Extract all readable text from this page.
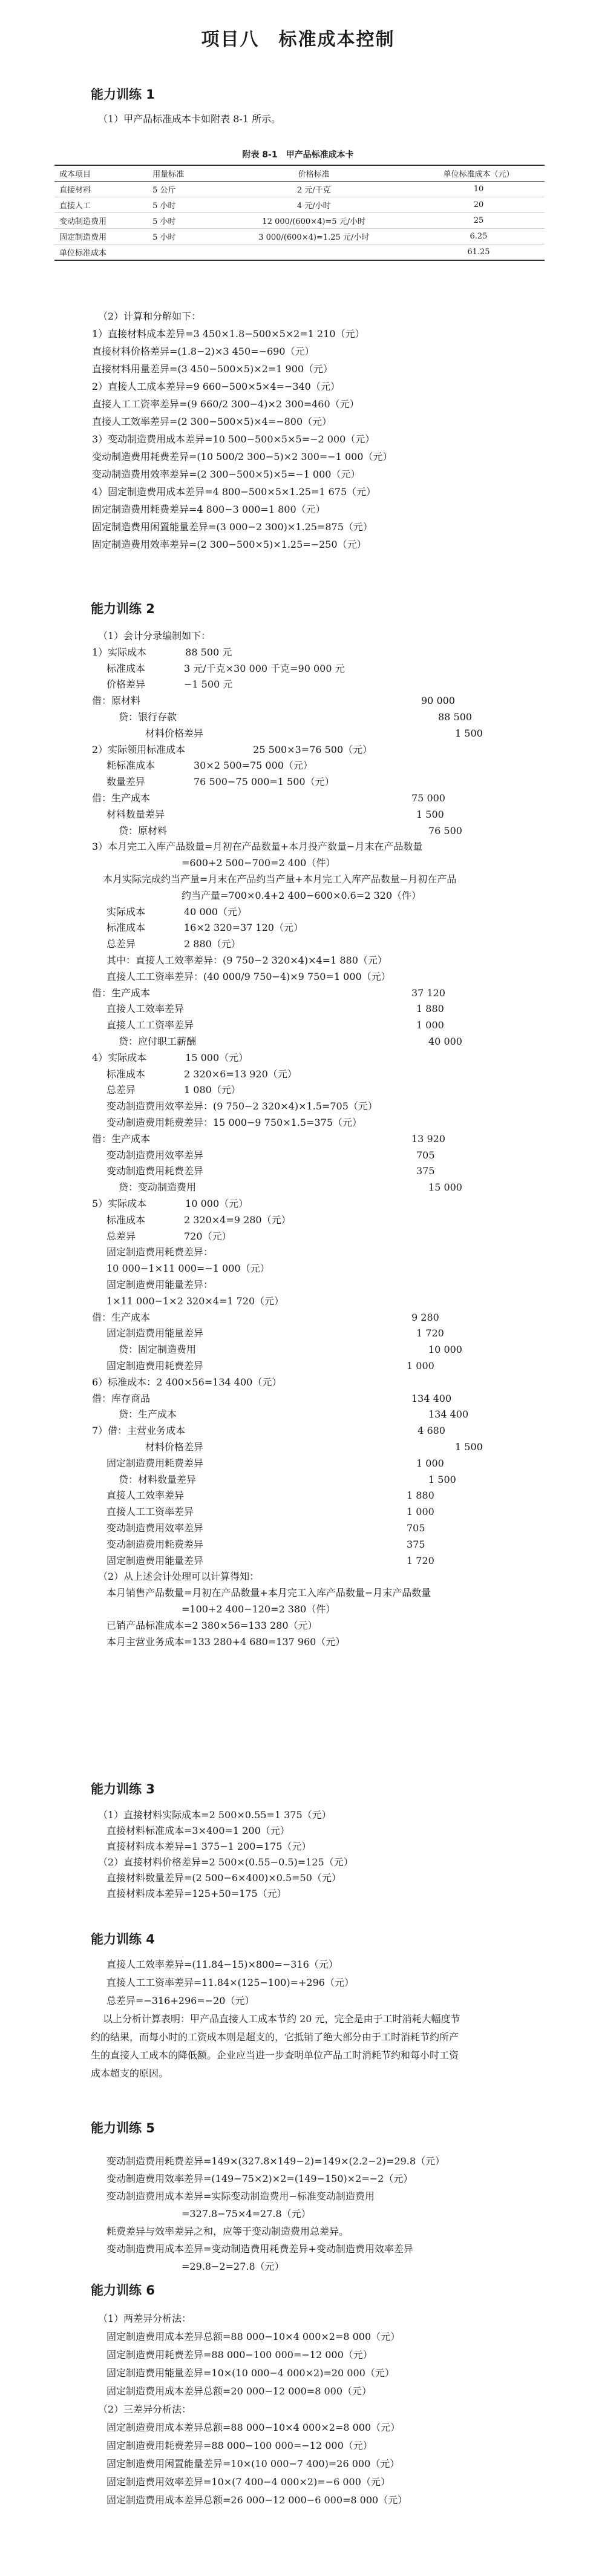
项目八　标准成本控制
能力训练 1
（1）甲产品标准成本卡如附表 8-1 所示。
附表 8-1　甲产品标准成本卡
成本项目	用量标准	价格标准	单位标准成本（元）
直接材料	5 公斤	2 元/千克	10
直接人工	5 小时	4 元/小时	20
变动制造费用	5 小时	12 000/(600×4)=5 元/小时	25
固定制造费用	5 小时	3 000/(600×4)=1.25 元/小时	6.25
单位标准成本			61.25
（2）计算和分解如下：
1）直接材料成本差异=3 450×1.8−500×5×2=1 210（元）
直接材料价格差异=(1.8−2)×3 450=−690（元）
直接材料用量差异=(3 450−500×5)×2=1 900（元）
2）直接人工成本差异=9 660−500×5×4=−340（元）
直接人工工资率差异=(9 660/2 300−4)×2 300=460（元）
直接人工效率差异=(2 300−500×5)×4=−800（元）
3）变动制造费用成本差异=10 500−500×5×5=−2 000（元）
变动制造费用耗费差异=(10 500/2 300−5)×2 300=−1 000（元）
变动制造费用效率差异=(2 300−500×5)×5=−1 000（元）
4）固定制造费用成本差异=4 800−500×5×1.25=1 675（元）
固定制造费用耗费差异=4 800−3 000=1 800（元）
固定制造费用闲置能量差异=(3 000−2 300)×1.25=875（元）
固定制造费用效率差异=(2 300−500×5)×1.25=−250（元）
能力训练 2
（1）会计分录编制如下：
1）实际成本　　　　88 500 元
标准成本　　　　3 元/千克×30 000 千克=90 000 元
价格差异　　　　−1 500 元
借：原材料　　　　　　　　　　　　　　　　　　　　　　　　　　　　　90 000
贷：银行存款　　　　　　　　　　　　　　　　　　　　　　　　　　　88 500
材料价格差异　　　　　　　　　　　　　　　　　　　　　　　　　　1 500
2）实际领用标准成本　　　　　　　25 500×3=76 500（元）
耗标准成本　　　　30×2 500=75 000（元）
数量差异　　　　　76 500−75 000=1 500（元）
借：生产成本　　　　　　　　　　　　　　　　　　　　　　　　　　　75 000
材料数量差异　　　　　　　　　　　　　　　　　　　　　　　　　　1 500
贷：原材料　　　　　　　　　　　　　　　　　　　　　　　　　　　76 500
3）本月完工入库产品数量=月初在产品数量+本月投产数量−月末在产品数量
=600+2 500−700=2 400（件）
本月实际完成约当产量=月末在产品约当产量+本月完工入库产品数量−月初在产品
约当产量=700×0.4+2 400−600×0.6=2 320（件）
实际成本　　　　40 000（元）
标准成本　　　　16×2 320=37 120（元）
总差异　　　　　2 880（元）
其中：直接人工效率差异：(9 750−2 320×4)×4=1 880（元）
直接人工工资率差异：(40 000/9 750−4)×9 750=1 000（元）
借：生产成本　　　　　　　　　　　　　　　　　　　　　　　　　　　37 120
直接人工效率差异　　　　　　　　　　　　　　　　　　　　　　　　1 880
直接人工工资率差异　　　　　　　　　　　　　　　　　　　　　　　1 000
贷：应付职工薪酬　　　　　　　　　　　　　　　　　　　　　　　　40 000
4）实际成本　　　　15 000（元）
标准成本　　　　2 320×6=13 920（元）
总差异　　　　　1 080（元）
变动制造费用效率差异：(9 750−2 320×4)×1.5=705（元）
变动制造费用耗费差异：15 000−9 750×1.5=375（元）
借：生产成本　　　　　　　　　　　　　　　　　　　　　　　　　　　13 920
变动制造费用效率差异　　　　　　　　　　　　　　　　　　　　　　705
变动制造费用耗费差异　　　　　　　　　　　　　　　　　　　　　　375
贷：变动制造费用　　　　　　　　　　　　　　　　　　　　　　　　15 000
5）实际成本　　　　10 000（元）
标准成本　　　　2 320×4=9 280（元）
总差异　　　　　720（元）
固定制造费用耗费差异：
10 000−1×11 000=−1 000（元）
固定制造费用能量差异：
1×11 000−1×2 320×4=1 720（元）
借：生产成本　　　　　　　　　　　　　　　　　　　　　　　　　　　9 280
固定制造费用能量差异　　　　　　　　　　　　　　　　　　　　　　1 720
贷：固定制造费用　　　　　　　　　　　　　　　　　　　　　　　　10 000
固定制造费用耗费差异　　　　　　　　　　　　　　　　　　　　　1 000
6）标准成本：2 400×56=134 400（元）
借：库存商品　　　　　　　　　　　　　　　　　　　　　　　　　　　134 400
贷：生产成本　　　　　　　　　　　　　　　　　　　　　　　　　　134 400
7）借：主营业务成本　　　　　　　　　　　　　　　　　　　　　　　　4 680
材料价格差异　　　　　　　　　　　　　　　　　　　　　　　　　　1 500
固定制造费用耗费差异　　　　　　　　　　　　　　　　　　　　　　1 000
贷：材料数量差异　　　　　　　　　　　　　　　　　　　　　　　　1 500
直接人工效率差异　　　　　　　　　　　　　　　　　　　　　　　1 880
直接人工工资率差异　　　　　　　　　　　　　　　　　　　　　　1 000
变动制造费用效率差异　　　　　　　　　　　　　　　　　　　　　705
变动制造费用耗费差异　　　　　　　　　　　　　　　　　　　　　375
固定制造费用能量差异　　　　　　　　　　　　　　　　　　　　　1 720
（2）从上述会计处理可以计算得知：
本月销售产品数量=月初在产品数量+本月完工入库产品数量−月末产品数量
=100+2 400−120=2 380（件）
已销产品标准成本=2 380×56=133 280（元）
本月主营业务成本=133 280+4 680=137 960（元）
能力训练 3
（1）直接材料实际成本=2 500×0.55=1 375（元）
直接材料标准成本=3×400=1 200（元）
直接材料成本差异=1 375−1 200=175（元）
（2）直接材料价格差异=2 500×(0.55−0.5)=125（元）
直接材料数量差异=(2 500−6×400)×0.5=50（元）
直接材料成本差异=125+50=175（元）
能力训练 4
直接人工效率差异=(11.84−15)×800=−316（元）
直接人工工资率差异=11.84×(125−100)=+296（元）
总差异=−316+296=−20（元）
以上分析计算表明：甲产品直接人工成本节约 20 元，完全是由于工时消耗大幅度节
约的结果，而每小时的工资成本则是超支的，它抵销了绝大部分由于工时消耗节约所产
生的直接人工成本的降低额。企业应当进一步查明单位产品工时消耗节约和每小时工资
成本超支的原因。
能力训练 5
变动制造费用耗费差异=149×(327.8×149−2)=149×(2.2−2)=29.8（元）
变动制造费用效率差异=(149−75×2)×2=(149−150)×2=−2（元）
变动制造费用成本差异=实际变动制造费用−标准变动制造费用
=327.8−75×4=27.8（元）
耗费差异与效率差异之和，应等于变动制造费用总差异。
变动制造费用成本差异=变动制造费用耗费差异+变动制造费用效率差异
=29.8−2=27.8（元）
能力训练 6
（1）两差异分析法：
固定制造费用成本差异总额=88 000−10×4 000×2=8 000（元）
固定制造费用耗费差异=88 000−100 000=−12 000（元）
固定制造费用能量差异=10×(10 000−4 000×2)=20 000（元）
固定制造费用成本差异总额=20 000−12 000=8 000（元）
（2）三差异分析法：
固定制造费用成本差异总额=88 000−10×4 000×2=8 000（元）
固定制造费用耗费差异=88 000−100 000=−12 000（元）
固定制造费用闲置能量差异=10×(10 000−7 400)=26 000（元）
固定制造费用效率差异=10×(7 400−4 000×2)=−6 000（元）
固定制造费用成本差异总额=26 000−12 000−6 000=8 000（元）
